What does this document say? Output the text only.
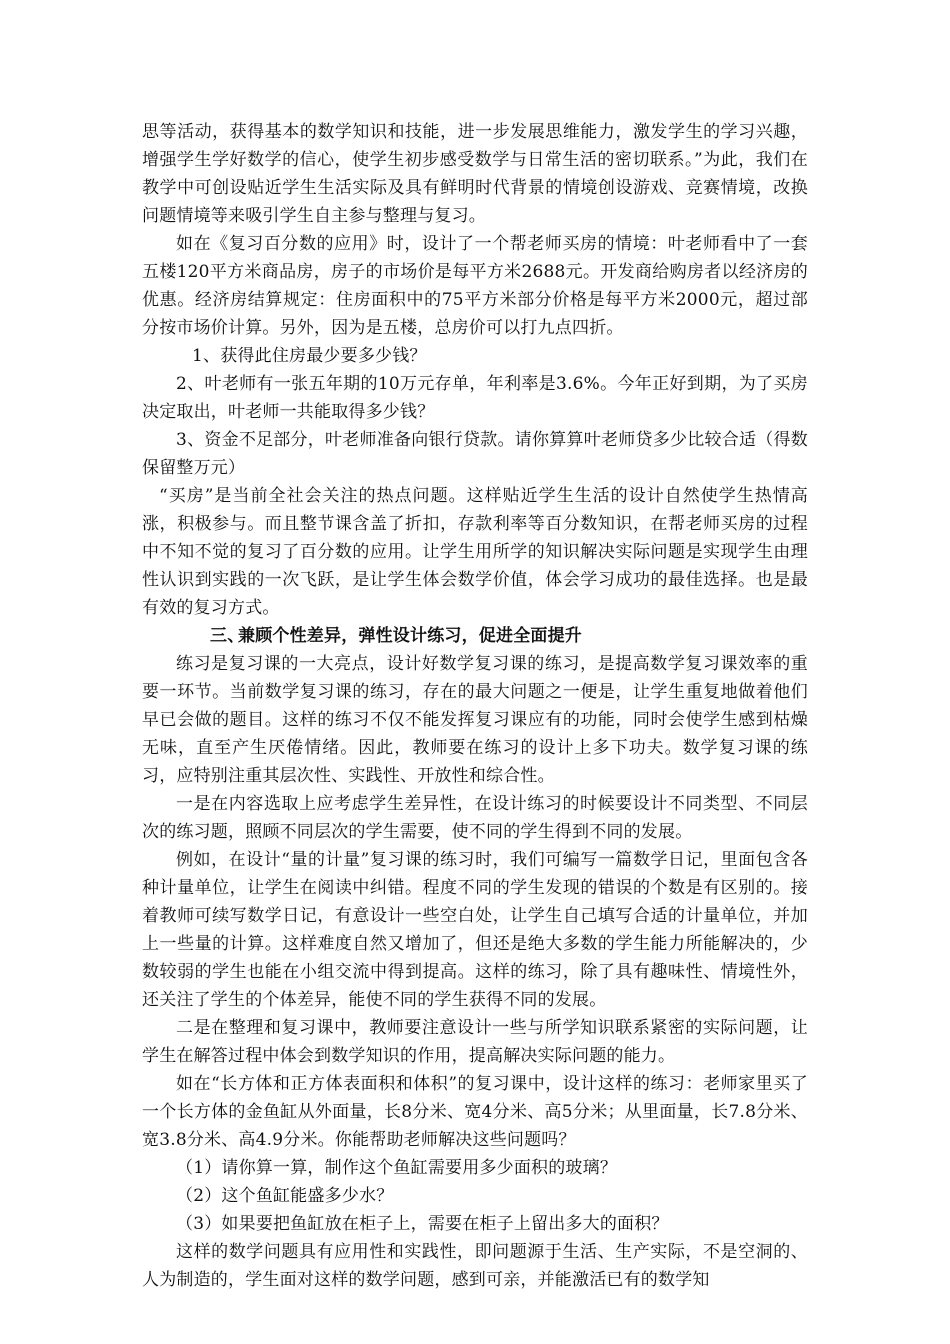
思等活动，获得基本的数学知识和技能，进一步发展思维能力，激发学生的学习兴趣，增强学生学好数学的信心，使学生初步感受数学与日常生活的密切联系。”为此，我们在教学中可创设贴近学生生活实际及具有鲜明时代背景的情境创设游戏、竞赛情境，改换问题情境等来吸引学生自主参与整理与复习。

如在《复习百分数的应用》时，设计了一个帮老师买房的情境：叶老师看中了一套五楼120平方米商品房，房子的市场价是每平方米2688元。开发商给购房者以经济房的优惠。经济房结算规定：住房面积中的75平方米部分价格是每平方米2000元，超过部分按市场价计算。另外，因为是五楼，总房价可以打九点四折。

1、获得此住房最少要多少钱？

2、叶老师有一张五年期的10万元存单，年利率是3.6%。今年正好到期，为了买房决定取出，叶老师一共能取得多少钱？

3、资金不足部分，叶老师准备向银行贷款。请你算算叶老师贷多少比较合适（得数保留整万元）

“买房”是当前全社会关注的热点问题。这样贴近学生生活的设计自然使学生热情高涨，积极参与。而且整节课含盖了折扣，存款利率等百分数知识，在帮老师买房的过程中不知不觉的复习了百分数的应用。让学生用所学的知识解决实际问题是实现学生由理性认识到实践的一次飞跃，是让学生体会数学价值，体会学习成功的最佳选择。也是最有效的复习方式。

三、兼顾个性差异，弹性设计练习，促进全面提升

练习是复习课的一大亮点，设计好数学复习课的练习，是提高数学复习课效率的重要一环节。当前数学复习课的练习，存在的最大问题之一便是，让学生重复地做着他们早已会做的题目。这样的练习不仅不能发挥复习课应有的功能，同时会使学生感到枯燥无味，直至产生厌倦情绪。因此，教师要在练习的设计上多下功夫。数学复习课的练习，应特别注重其层次性、实践性、开放性和综合性。

一是在内容选取上应考虑学生差异性，在设计练习的时候要设计不同类型、不同层次的练习题，照顾不同层次的学生需要，使不同的学生得到不同的发展。

例如，在设计“量的计量”复习课的练习时，我们可编写一篇数学日记，里面包含各种计量单位，让学生在阅读中纠错。程度不同的学生发现的错误的个数是有区别的。接着教师可续写数学日记，有意设计一些空白处，让学生自己填写合适的计量单位，并加上一些量的计算。这样难度自然又增加了，但还是绝大多数的学生能力所能解决的，少数较弱的学生也能在小组交流中得到提高。这样的练习，除了具有趣味性、情境性外，还关注了学生的个体差异，能使不同的学生获得不同的发展。

二是在整理和复习课中，教师要注意设计一些与所学知识联系紧密的实际问题，让学生在解答过程中体会到数学知识的作用，提高解决实际问题的能力。

如在“长方体和正方体表面积和体积”的复习课中，设计这样的练习：老师家里买了一个长方体的金鱼缸从外面量，长8分米、宽4分米、高5分米；从里面量，长7.8分米、宽3.8分米、高4.9分米。你能帮助老师解决这些问题吗？

（1）请你算一算，制作这个鱼缸需要用多少面积的玻璃？

（2）这个鱼缸能盛多少水？

（3）如果要把鱼缸放在柜子上，需要在柜子上留出多大的面积？

这样的数学问题具有应用性和实践性，即问题源于生活、生产实际，不是空洞的、人为制造的，学生面对这样的数学问题，感到可亲，并能激活已有的数学知
